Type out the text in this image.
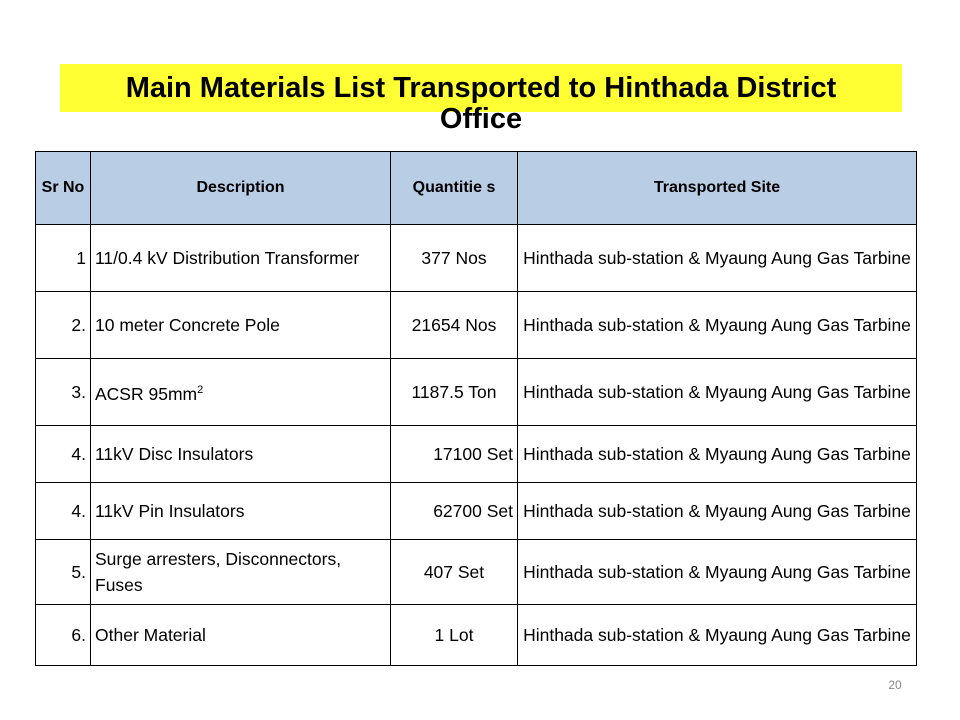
Main Materials List Transported to Hinthada District
Office
Sr No	Description	Quantitie s	Transported Site
1	11/0.4 kV Distribution Transformer	377 Nos	Hinthada sub-station & Myaung Aung Gas Tarbine
2.	10 meter Concrete Pole	21654 Nos	Hinthada sub-station & Myaung Aung Gas Tarbine
3.	ACSR $95mm^2$	1187.5 Ton	Hinthada sub-station & Myaung Aung Gas Tarbine
4.	11kV Disc Insulators	17100 Set	Hinthada sub-station & Myaung Aung Gas Tarbine
4.	11kV Pin Insulators	62700 Set	Hinthada sub-station & Myaung Aung Gas Tarbine
5.	Surge arresters, Disconnectors, Fuses	407 Set	Hinthada sub-station & Myaung Aung Gas Tarbine
6.	Other Material	1 Lot	Hinthada sub-station & Myaung Aung Gas Tarbine
20
